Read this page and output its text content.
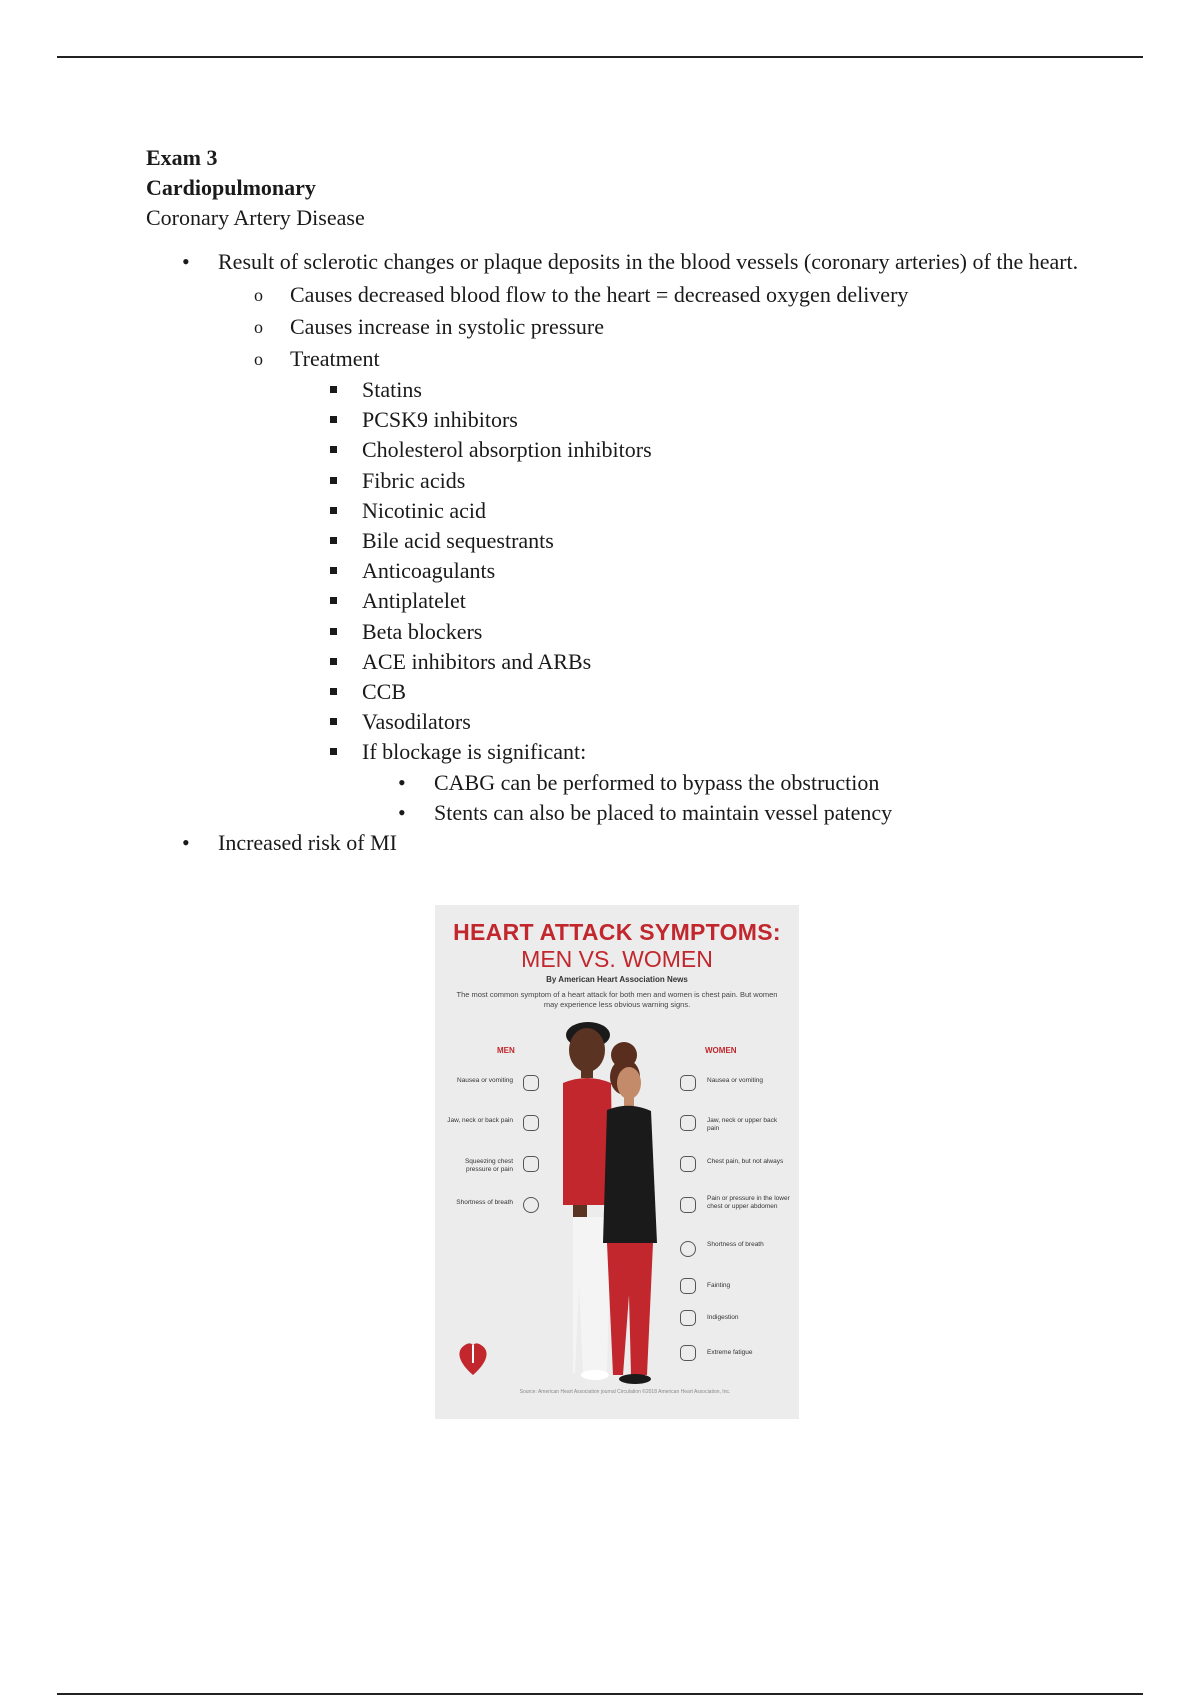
Exam 3
Cardiopulmonary
Coronary Artery Disease
• Result of sclerotic changes or plaque deposits in the blood vessels (coronary arteries) of the heart.
o Causes decreased blood flow to the heart = decreased oxygen delivery
o Causes increase in systolic pressure
o Treatment
Statins
PCSK9 inhibitors
Cholesterol absorption inhibitors
Fibric acids
Nicotinic acid
Bile acid sequestrants
Anticoagulants
Antiplatelet
Beta blockers
ACE inhibitors and ARBs
CCB
Vasodilators
If blockage is significant:
• CABG can be performed to bypass the obstruction
• Stents can also be placed to maintain vessel patency
• Increased risk of MI
HEART ATTACK SYMPTOMS:
MEN VS. WOMEN
By American Heart Association News
The most common symptom of a heart attack for both men and women is chest pain. But women may experience less obvious warning signs.
MEN	WOMEN
Nausea or vomiting
Jaw, neck or back pain
Squeezing chest pressure or pain
Shortness of breath
Nausea or vomiting
Jaw, neck or upper back pain
Chest pain, but not always
Pain or pressure in the lower chest or upper abdomen
Shortness of breath
Fainting
Indigestion
Extreme fatigue
Source: American Heart Association journal Circulation ©2018 American Heart Association, Inc.
